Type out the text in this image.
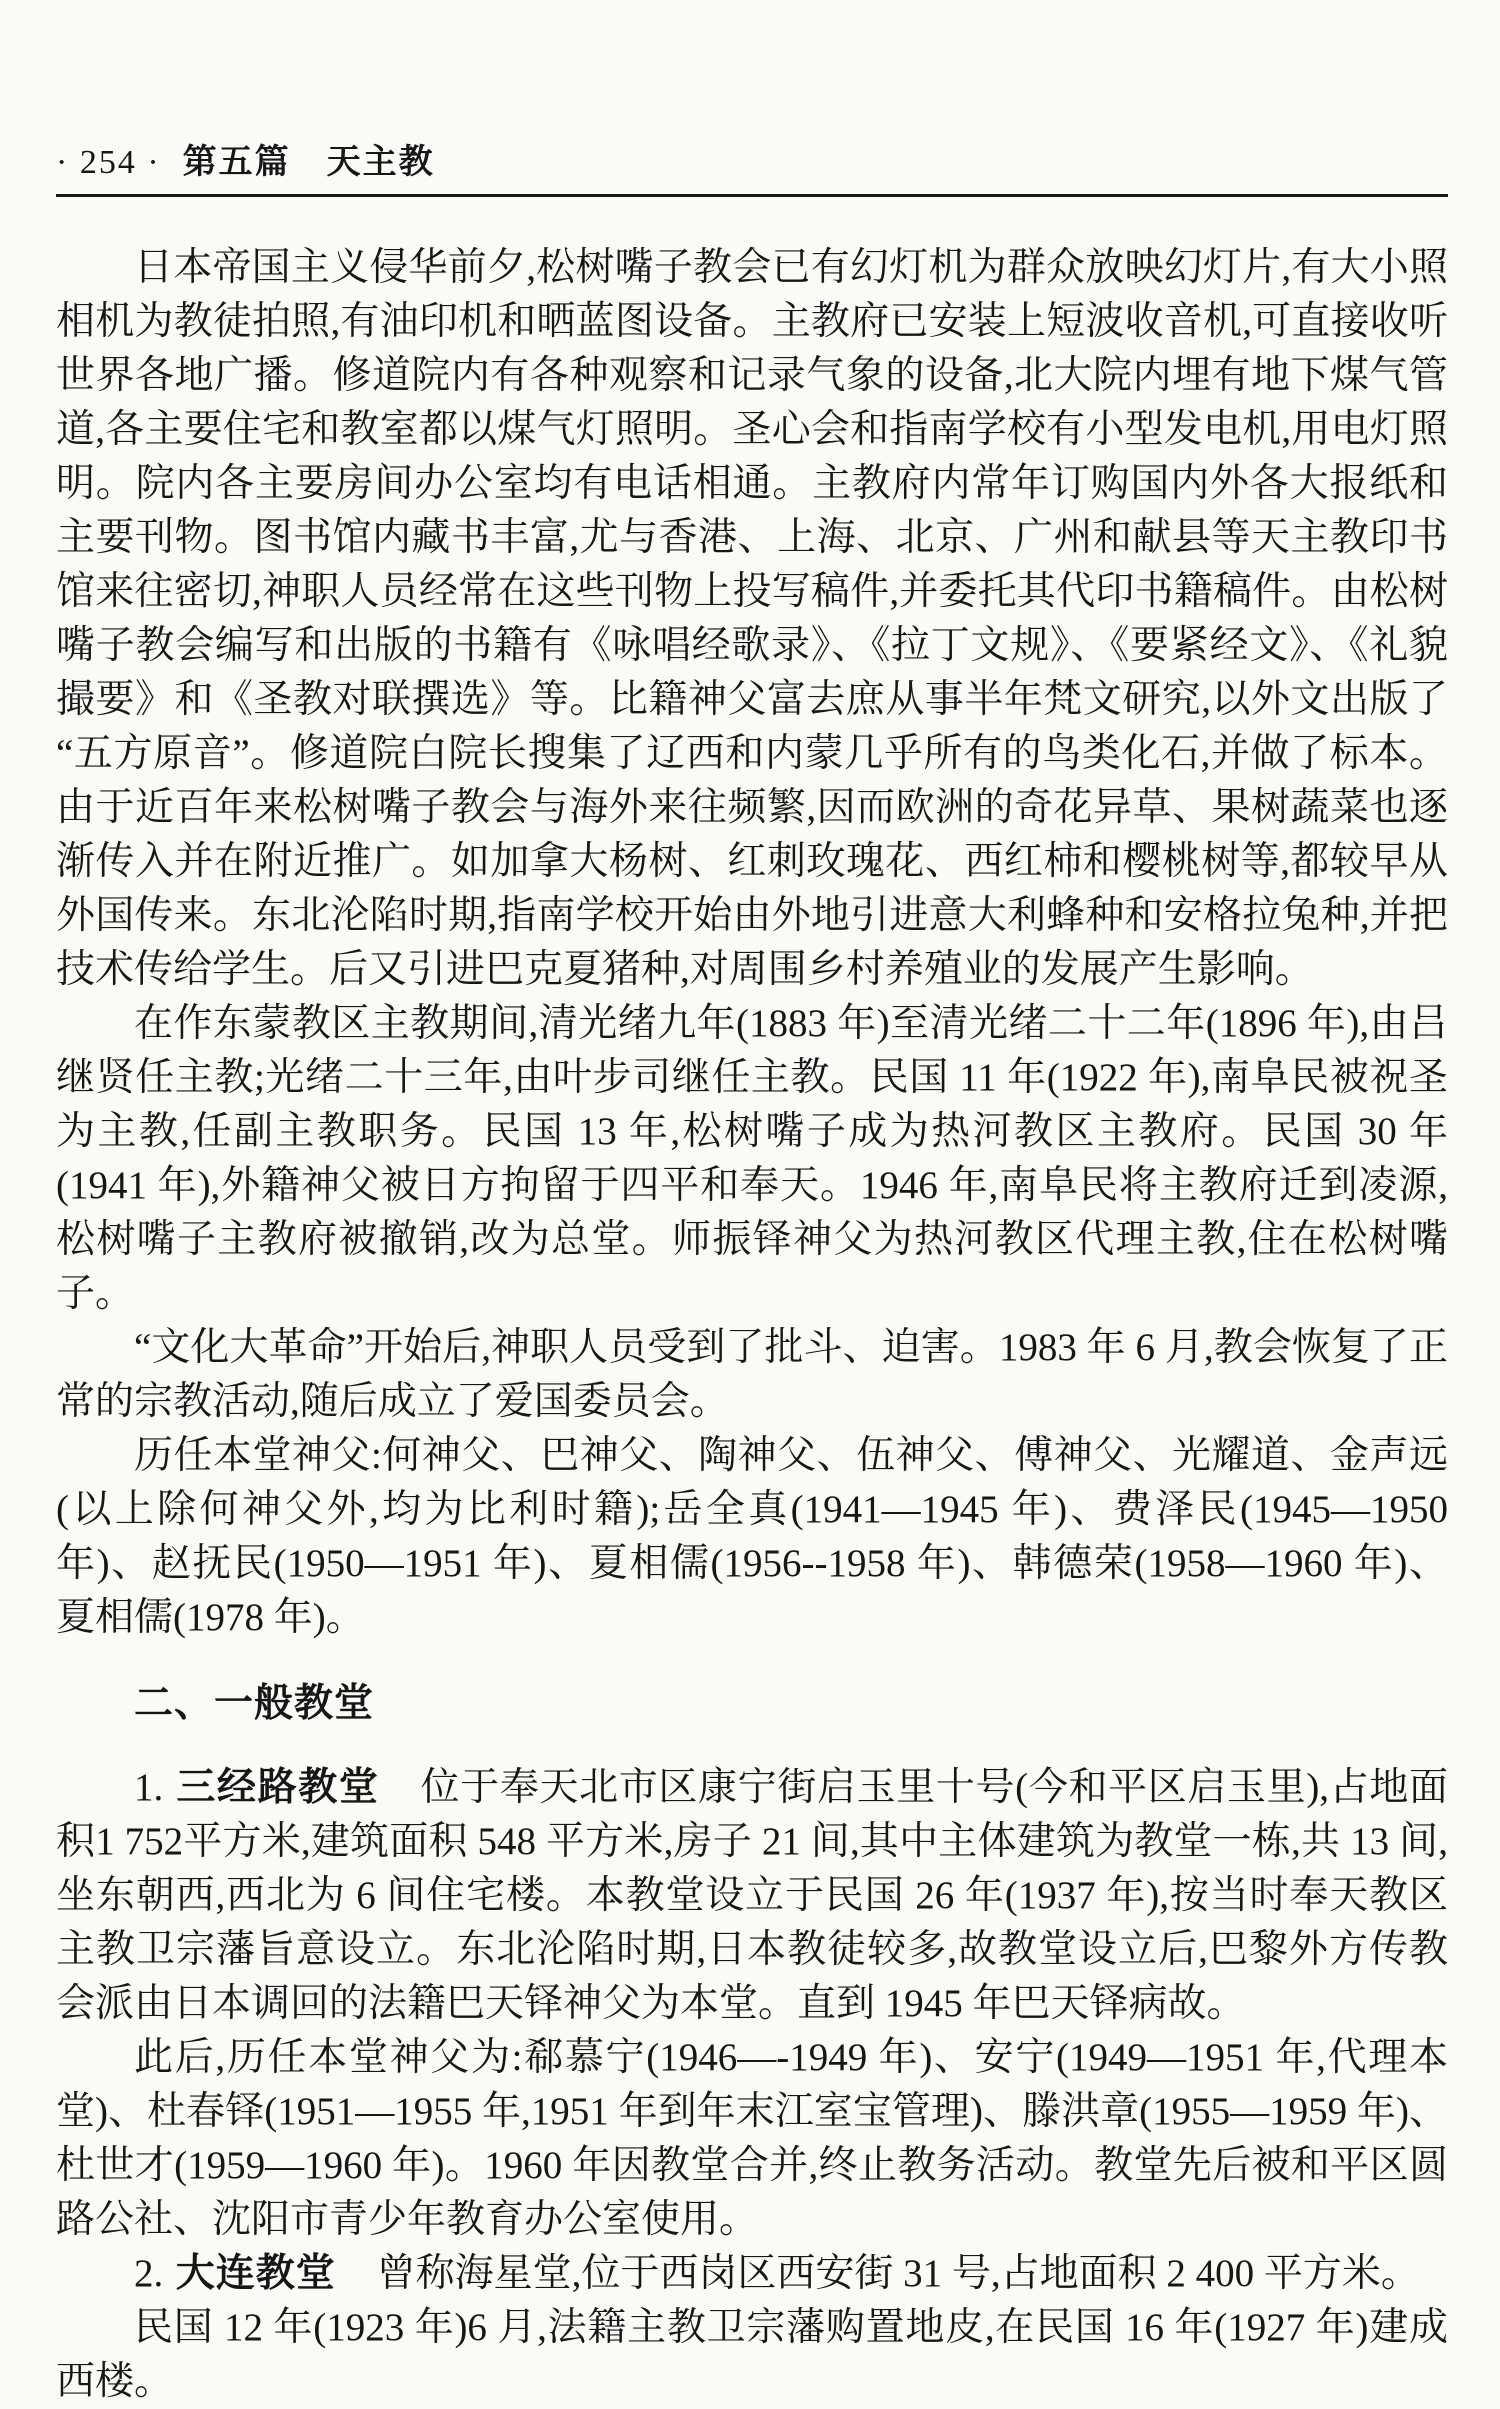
· 254 · 第五篇　天主教

日本帝国主义侵华前夕,松树嘴子教会已有幻灯机为群众放映幻灯片,有大小照相机为教徒拍照,有油印机和晒蓝图设备。主教府已安装上短波收音机,可直接收听世界各地广播。修道院内有各种观察和记录气象的设备,北大院内埋有地下煤气管道,各主要住宅和教室都以煤气灯照明。圣心会和指南学校有小型发电机,用电灯照明。院内各主要房间办公室均有电话相通。主教府内常年订购国内外各大报纸和主要刊物。图书馆内藏书丰富,尤与香港、上海、北京、广州和献县等天主教印书馆来往密切,神职人员经常在这些刊物上投写稿件,并委托其代印书籍稿件。由松树嘴子教会编写和出版的书籍有《咏唱经歌录》、《拉丁文规》、《要紧经文》、《礼貌撮要》和《圣教对联撰选》等。比籍神父富去庶从事半年梵文研究,以外文出版了“五方原音”。修道院白院长搜集了辽西和内蒙几乎所有的鸟类化石,并做了标本。由于近百年来松树嘴子教会与海外来往频繁,因而欧洲的奇花异草、果树蔬菜也逐渐传入并在附近推广。如加拿大杨树、红刺玫瑰花、西红柿和樱桃树等,都较早从外国传来。东北沦陷时期,指南学校开始由外地引进意大利蜂种和安格拉兔种,并把技术传给学生。后又引进巴克夏猪种,对周围乡村养殖业的发展产生影响。

在作东蒙教区主教期间,清光绪九年(1883 年)至清光绪二十二年(1896 年),由吕继贤任主教;光绪二十三年,由叶步司继任主教。民国 11 年(1922 年),南阜民被祝圣为主教,任副主教职务。民国 13 年,松树嘴子成为热河教区主教府。民国 30 年(1941 年),外籍神父被日方拘留于四平和奉天。1946 年,南阜民将主教府迁到凌源,松树嘴子主教府被撤销,改为总堂。师振铎神父为热河教区代理主教,住在松树嘴子。

“文化大革命”开始后,神职人员受到了批斗、迫害。1983 年 6 月,教会恢复了正常的宗教活动,随后成立了爱国委员会。

历任本堂神父:何神父、巴神父、陶神父、伍神父、傅神父、光耀道、金声远(以上除何神父外,均为比利时籍);岳全真(1941—1945 年)、费泽民(1945—1950 年)、赵抚民(1950—1951 年)、夏相儒(1956--1958 年)、韩德荣(1958—1960 年)、夏相儒(1978 年)。

二、一般教堂

1. 三经路教堂 位于奉天北市区康宁街启玉里十号(今和平区启玉里),占地面积1 752平方米,建筑面积 548 平方米,房子 21 间,其中主体建筑为教堂一栋,共 13 间,坐东朝西,西北为 6 间住宅楼。本教堂设立于民国 26 年(1937 年),按当时奉天教区主教卫宗藩旨意设立。东北沦陷时期,日本教徒较多,故教堂设立后,巴黎外方传教会派由日本调回的法籍巴天铎神父为本堂。直到 1945 年巴天铎病故。

此后,历任本堂神父为:郗慕宁(1946—-1949 年)、安宁(1949—1951 年,代理本堂)、杜春铎(1951—1955 年,1951 年到年末江室宝管理)、滕洪章(1955—1959 年)、杜世才(1959—1960 年)。1960 年因教堂合并,终止教务活动。教堂先后被和平区圆路公社、沈阳市青少年教育办公室使用。

2. 大连教堂 曾称海星堂,位于西岗区西安街 31 号,占地面积 2 400 平方米。

民国 12 年(1923 年)6 月,法籍主教卫宗藩购置地皮,在民国 16 年(1927 年)建成西楼。
